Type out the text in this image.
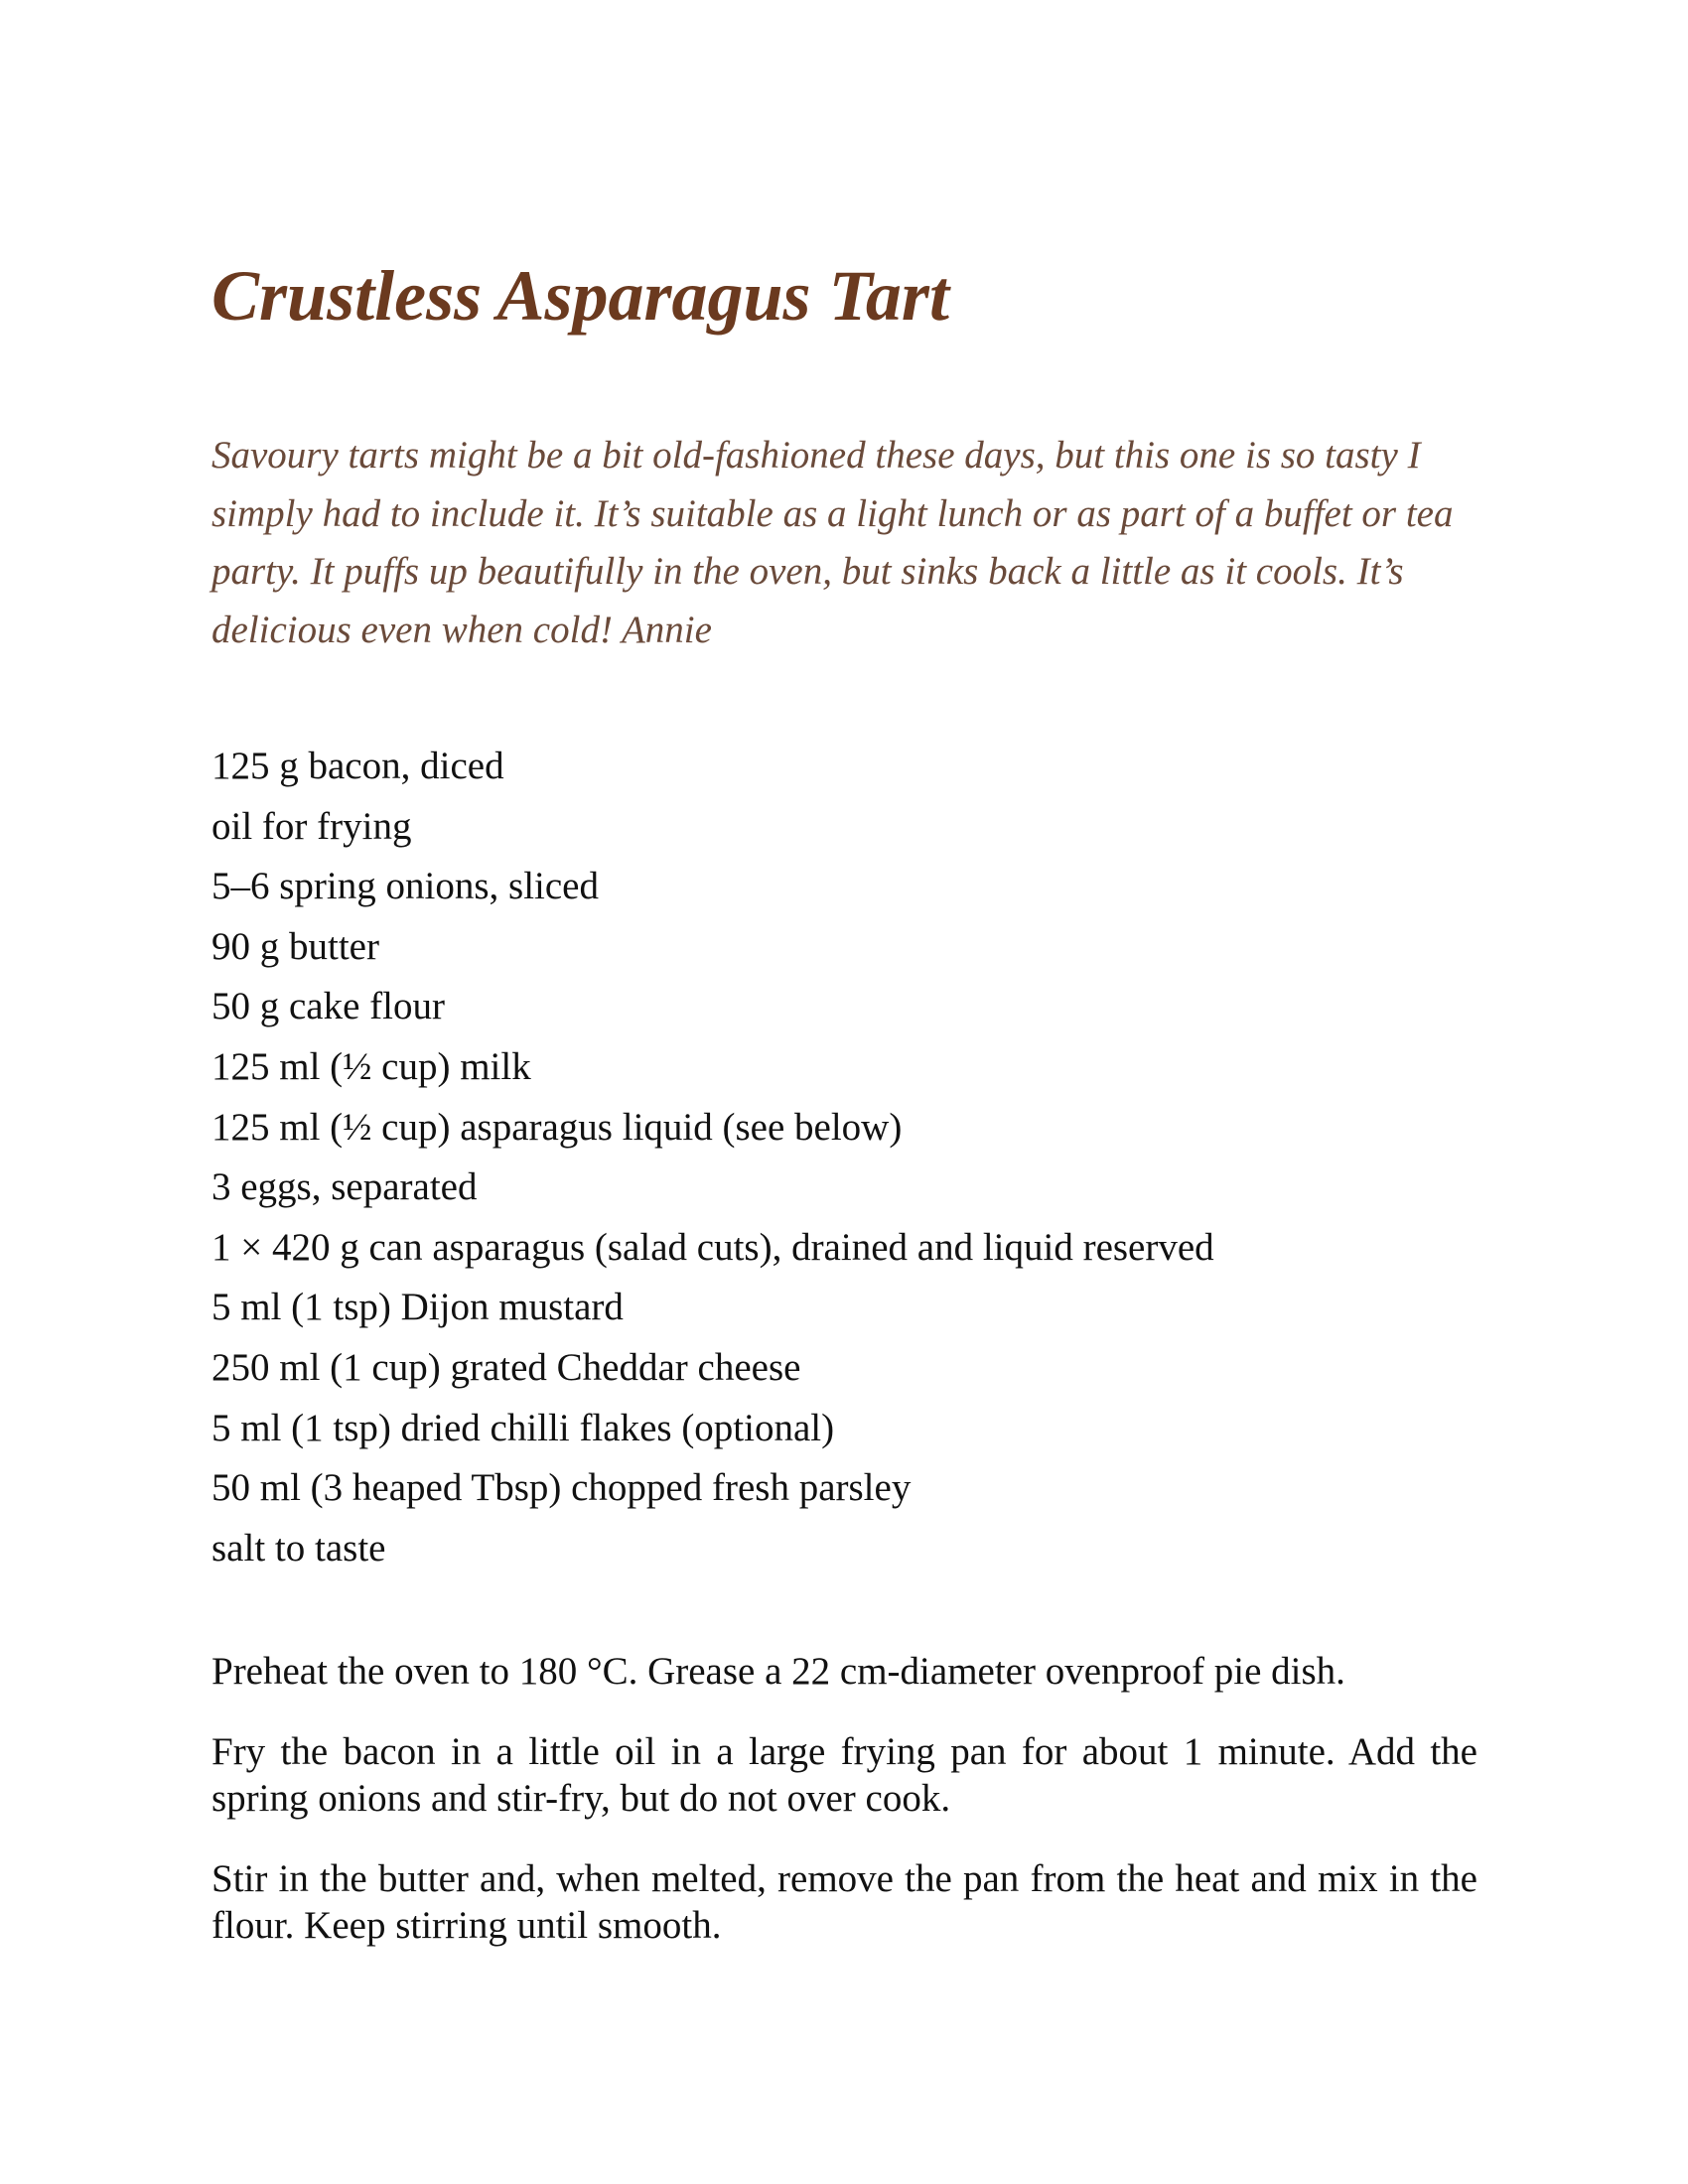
Crustless Asparagus Tart

Savoury tarts might be a bit old-fashioned these days, but this one is so tasty I simply had to include it. It’s suitable as a light lunch or as part of a buffet or tea party. It puffs up beautifully in the oven, but sinks back a little as it cools. It’s delicious even when cold! Annie

125 g bacon, diced
oil for frying
5–6 spring onions, sliced
90 g butter
50 g cake flour
125 ml (½ cup) milk
125 ml (½ cup) asparagus liquid (see below)
3 eggs, separated
1 × 420 g can asparagus (salad cuts), drained and liquid reserved
5 ml (1 tsp) Dijon mustard
250 ml (1 cup) grated Cheddar cheese
5 ml (1 tsp) dried chilli flakes (optional)
50 ml (3 heaped Tbsp) chopped fresh parsley
salt to taste

Preheat the oven to 180 °C. Grease a 22 cm-diameter ovenproof pie dish.

Fry the bacon in a little oil in a large frying pan for about 1 minute. Add the spring onions and stir-fry, but do not over cook.

Stir in the butter and, when melted, remove the pan from the heat and mix in the flour. Keep stirring until smooth.
